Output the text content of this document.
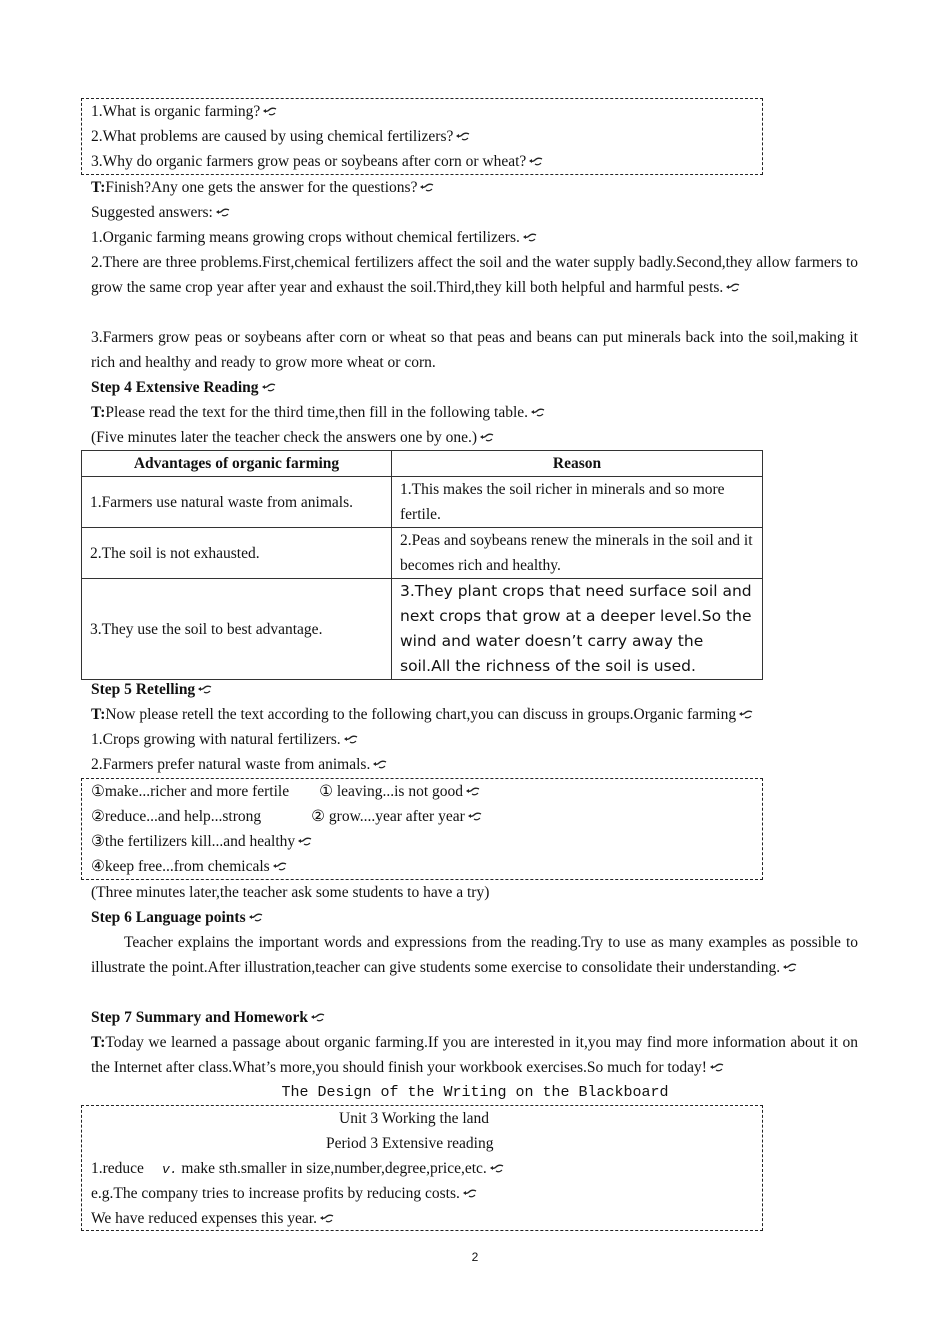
1.What is organic farming?
2.What problems are caused by using chemical fertilizers?
3.Why do organic farmers grow peas or soybeans after corn or wheat?
T:Finish?Any one gets the answer for the questions?
Suggested answers:
1.Organic farming means growing crops without chemical fertilizers.
2.There are three problems.First,chemical fertilizers affect the soil and the water supply badly.Second,they allow farmers to grow the same crop year after year and exhaust the soil.Third,they kill both helpful and harmful pests.
3.Farmers grow peas or soybeans after corn or wheat so that peas and beans can put minerals back into the soil,making it rich and healthy and ready to grow more wheat or corn.
Step 4 Extensive Reading
T:Please read the text for the third time,then fill in the following table.
(Five minutes later the teacher check the answers one by one.)
Advantages of organic farming	Reason
1.Farmers use natural waste from animals.	1.This makes the soil richer in minerals and so more fertile.
2.The soil is not exhausted.	2.Peas and soybeans renew the minerals in the soil and it becomes rich and healthy.
3.They use the soil to best advantage.	3.They plant crops that need surface soil and next crops that grow at a deeper level.So the wind and water doesn’t carry away the soil.All the richness of the soil is used.
Step 5 Retelling
T:Now please retell the text according to the following chart,you can discuss in groups.Organic farming
1.Crops growing with natural fertilizers.
2.Farmers prefer natural waste from animals.
①make...richer and more fertile ① leaving...is not good
②reduce...and help...strong	② grow....year after year
③the fertilizers kill...and healthy
④keep free...from chemicals
(Three minutes later,the teacher ask some students to have a try)
Step 6 Language points
Teacher explains the important words and expressions from the reading.Try to use as many examples as possible to illustrate the point.After illustration,teacher can give students some exercise to consolidate their understanding.
Step 7 Summary and Homework
T:Today we learned a passage about organic farming.If you are interested in it,you may find more information about it on the Internet after class.What’s more,you should finish your workbook exercises.So much for today!
The Design of the Writing on the Blackboard
Unit 3 Working the land
Period 3 Extensive reading
1.reduce v. make sth.smaller in size,number,degree,price,etc.
e.g.The company tries to increase profits by reducing costs.
We have reduced expenses this year.
2
